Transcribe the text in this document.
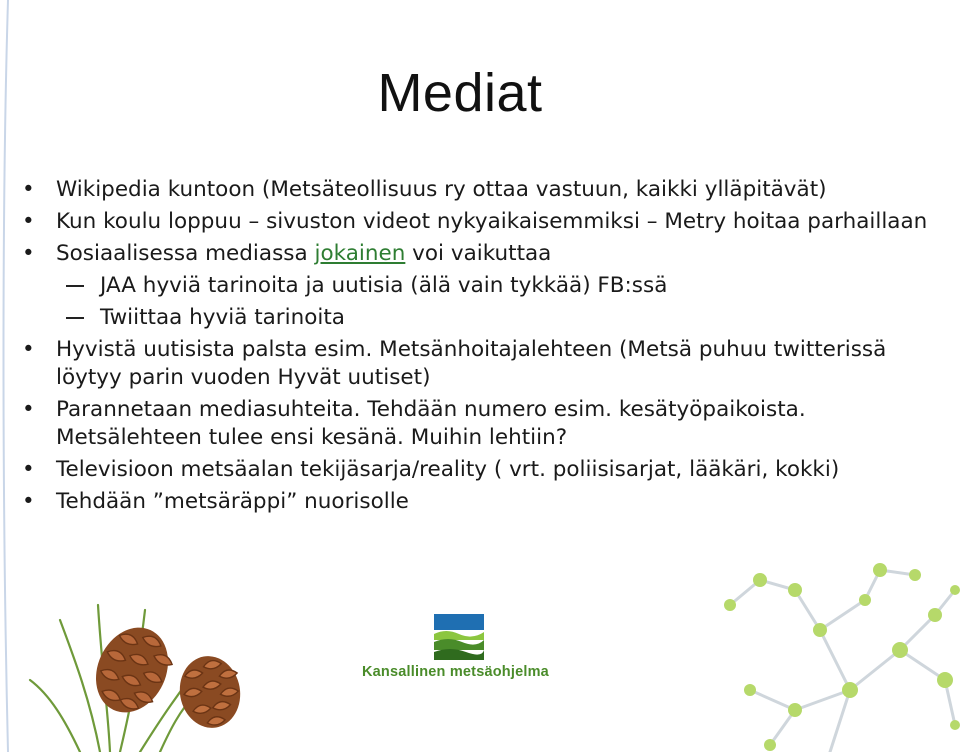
Mediat
• Wikipedia kuntoon (Metsäteollisuus ry ottaa vastuun, kaikki ylläpitävät)
• Kun koulu loppuu – sivuston videot nykyaikaisemmiksi – Metry hoitaa parhaillaan
• Sosiaalisessa mediassa jokainen voi vaikuttaa
JAA hyviä tarinoita ja uutisia (älä vain tykkää) FB:ssä
Twiittaa hyviä tarinoita
• Hyvistä uutisista palsta esim. Metsänhoitajalehteen (Metsä puhuu twitterissä löytyy parin vuoden Hyvät uutiset)
• Parannetaan mediasuhteita. Tehdään numero esim. kesätyöpaikoista. Metsälehteen tulee ensi kesänä. Muihin lehtiin?
• Televisioon metsäalan tekijäsarja/reality ( vrt. poliisisarjat, lääkäri, kokki)
• Tehdään ”metsäräppi” nuorisolle
Kansallinen metsäohjelma
